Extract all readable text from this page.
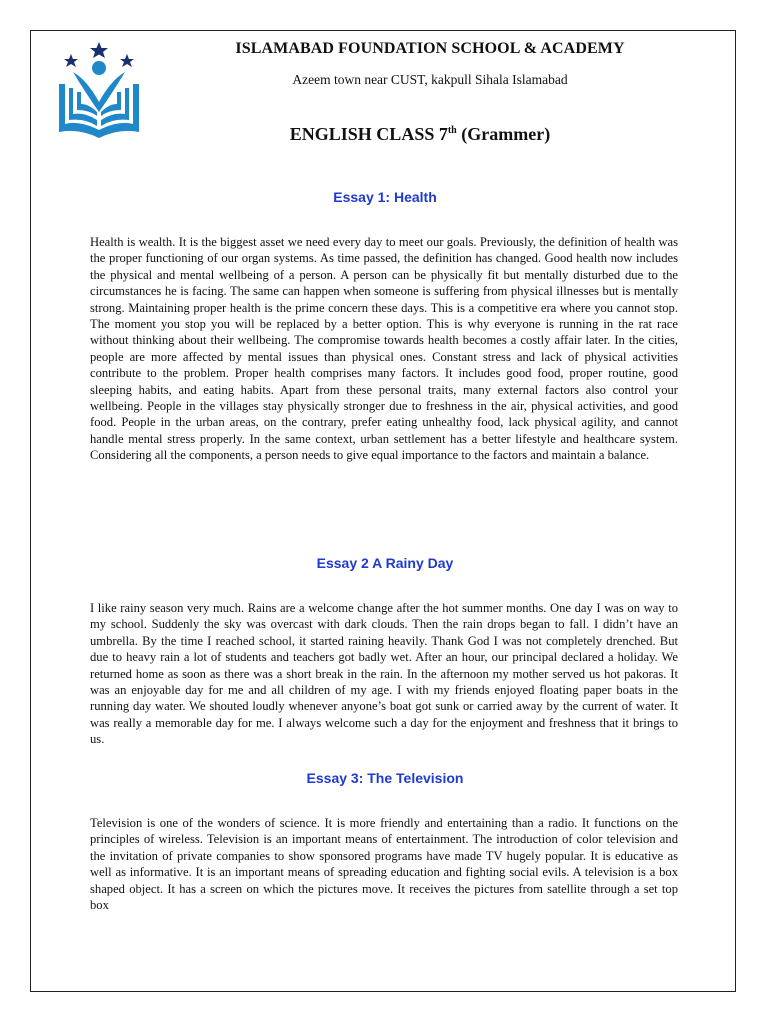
ISLAMABAD FOUNDATION SCHOOL & ACADEMY
Azeem town near CUST, kakpull Sihala Islamabad
ENGLISH CLASS 7th (Grammer)
Essay 1: Health

Health is wealth. It is the biggest asset we need every day to meet our goals. Previously, the definition of health was the proper functioning of our organ systems. As time passed, the definition has changed. Good health now includes the physical and mental wellbeing of a person. A person can be physically fit but mentally disturbed due to the circumstances he is facing. The same can happen when someone is suffering from physical illnesses but is mentally strong. Maintaining proper health is the prime concern these days. This is a competitive era where you cannot stop. The moment you stop you will be replaced by a better option. This is why everyone is running in the rat race without thinking about their wellbeing. The compromise towards health becomes a costly affair later. In the cities, people are more affected by mental issues than physical ones. Constant stress and lack of physical activities contribute to the problem. Proper health comprises many factors. It includes good food, proper routine, good sleeping habits, and eating habits. Apart from these personal traits, many external factors also control your wellbeing. People in the villages stay physically stronger due to freshness in the air, physical activities, and good food. People in the urban areas, on the contrary, prefer eating unhealthy food, lack physical agility, and cannot handle mental stress properly. In the same context, urban settlement has a better lifestyle and healthcare system. Considering all the components, a person needs to give equal importance to the factors and maintain a balance.

Essay 2 A Rainy Day

I like rainy season very much. Rains are a welcome change after the hot summer months. One day I was on way to my school. Suddenly the sky was overcast with dark clouds. Then the rain drops began to fall. I didn’t have an umbrella. By the time I reached school, it started raining heavily. Thank God I was not completely drenched. But due to heavy rain a lot of students and teachers got badly wet. After an hour, our principal declared a holiday. We returned home as soon as there was a short break in the rain. In the afternoon my mother served us hot pakoras. It was an enjoyable day for me and all children of my age. I with my friends enjoyed floating paper boats in the running day water. We shouted loudly whenever anyone’s boat got sunk or carried away by the current of water. It was really a memorable day for me. I always welcome such a day for the enjoyment and freshness that it brings to us.

Essay 3: The Television

Television is one of the wonders of science. It is more friendly and entertaining than a radio. It functions on the principles of wireless. Television is an important means of entertainment. The introduction of color television and the invitation of private companies to show sponsored programs have made TV hugely popular. It is educative as well as informative. It is an important means of spreading education and fighting social evils. A television is a box shaped object. It has a screen on which the pictures move. It receives the pictures from satellite through a set top box
